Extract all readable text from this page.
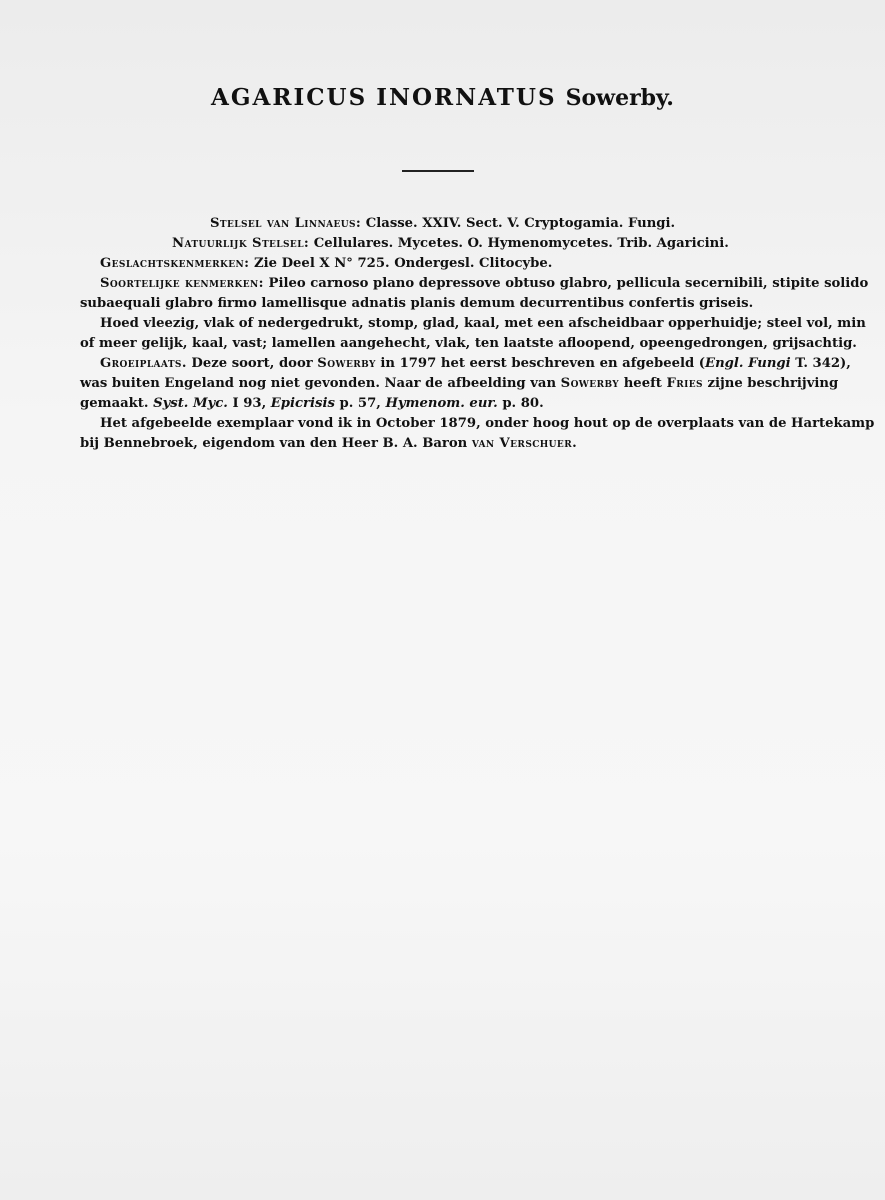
AGARICUS INORNATUS Sowerby.
Stelsel van Linnaeus: Classe. XXIV. Sect. V. Cryptogamia. Fungi.
Natuurlijk Stelsel: Cellulares. Mycetes. O. Hymenomycetes. Trib. Agaricini.
Geslachtskenmerken: Zie Deel X N° 725. Ondergesl. Clitocybe.
Soortelijke kenmerken: Pileo carnoso plano depressove obtuso glabro, pellicula secernibili, stipite solido
subaequali glabro firmo lamellisque adnatis planis demum decurrentibus confertis griseis.
Hoed vleezig, vlak of nedergedrukt, stomp, glad, kaal, met een afscheidbaar opperhuidje; steel vol, min
of meer gelijk, kaal, vast; lamellen aangehecht, vlak, ten laatste afloopend, opeengedrongen, grijsachtig.
Groeiplaats. Deze soort, door Sowerby in 1797 het eerst beschreven en afgebeeld (Engl. Fungi T. 342),
was buiten Engeland nog niet gevonden. Naar de afbeelding van Sowerby heeft Fries zijne beschrijving
gemaakt. Syst. Myc. I 93, Epicrisis p. 57, Hymenom. eur. p. 80.
Het afgebeelde exemplaar vond ik in October 1879, onder hoog hout op de overplaats van de Hartekamp
bij Bennebroek, eigendom van den Heer B. A. Baron van Verschuer.
